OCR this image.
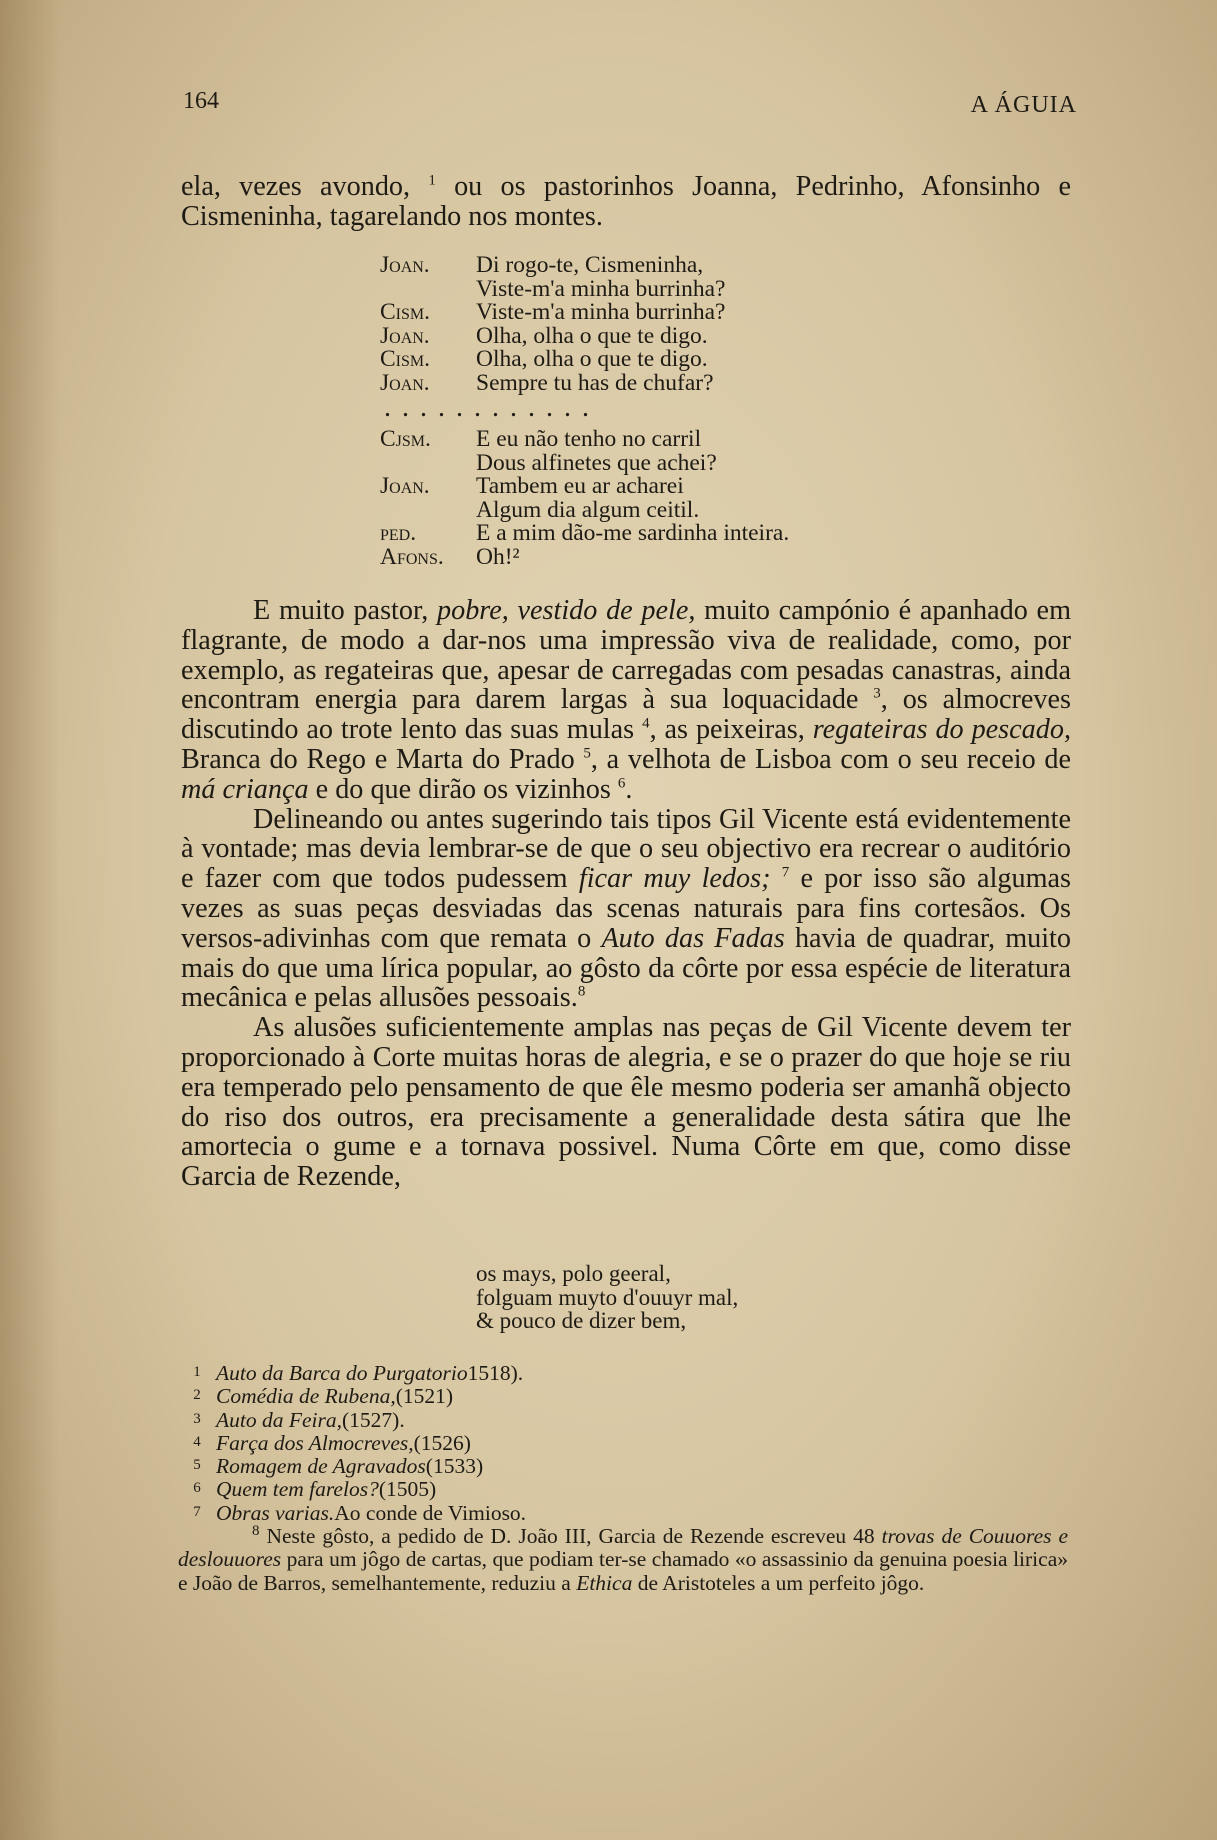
164	A ÁGUIA

ela, vezes avondo, $^1$ ou os pastorinhos Joanna, Pedrinho, Afonsinho e Cismeninha, tagarelando nos montes.

Joan.	Di rogo-te, Cismeninha,
Viste-m'a minha burrinha?
Cism.	Viste-m'a minha burrinha?
Joan.	Olha, olha o que te digo.
Cism.	Olha, olha o que te digo.
Joan.	Sempre tu has de chufar?
............
Cjsm.	E eu não tenho no carril
Dous alfinetes que achei?
Joan.	Tambem eu ar acharei
Algum dia algum ceitil.
ped.	E a mim dão-me sardinha inteira.
Afons.	Oh!²

E muito pastor, pobre, vestido de pele, muito campónio é apanhado em flagrante, de modo a dar-nos uma impressão viva de realidade, como, por exemplo, as regateiras que, apesar de carregadas com pesadas canastras, ainda encontram energia para darem largas à sua loquacidade $^3$, os almocreves discutindo ao trote lento das suas mulas $^4$, as peixeiras, regateiras do pescado, Branca do Rego e Marta do Prado $^5$, a velhota de Lisboa com o seu receio de má criança e do que dirão os vizinhos $^6$.

Delineando ou antes sugerindo tais tipos Gil Vicente está evidentemente à vontade; mas devia lembrar-se de que o seu objectivo era recrear o auditório e fazer com que todos pudessem ficar muy ledos; $^7$ e por isso são algumas vezes as suas peças desviadas das scenas naturais para fins cortesãos. Os versos-adivinhas com que remata o Auto das Fadas havia de quadrar, muito mais do que uma lírica popular, ao gôsto da côrte por essa espécie de literatura mecânica e pelas allusões pessoais.$^8$

As alusões suficientemente amplas nas peças de Gil Vicente devem ter proporcionado à Corte muitas horas de alegria, e se o prazer do que hoje se riu era temperado pelo pensamento de que êle mesmo poderia ser amanhã objecto do riso dos outros, era precisamente a generalidade desta sátira que lhe amortecia o gume e a tornava possivel. Numa Côrte em que, como disse Garcia de Rezende,

os mays, polo geeral,
folguam muyto d'ouuyr mal,
& pouco de dizer bem,
1 Auto da Barca do Purgatorio 1518).
2 Comédia de Rubena, (1521)
3 Auto da Feira, (1527).
4 Farça dos Almocreves, (1526)
5 Romagem de Agravados (1533)
6 Quem tem farelos? (1505)
7 Obras varias. Ao conde de Vimioso.
$^8$ Neste gôsto, a pedido de D. João III, Garcia de Rezende escreveu 48 trovas de Couuores e deslouuores para um jôgo de cartas, que podiam ter-se chamado «o assassinio da genuina poesia lirica» e João de Barros, semelhantemente, reduziu a Ethica de Aristoteles a um perfeito jôgo.
